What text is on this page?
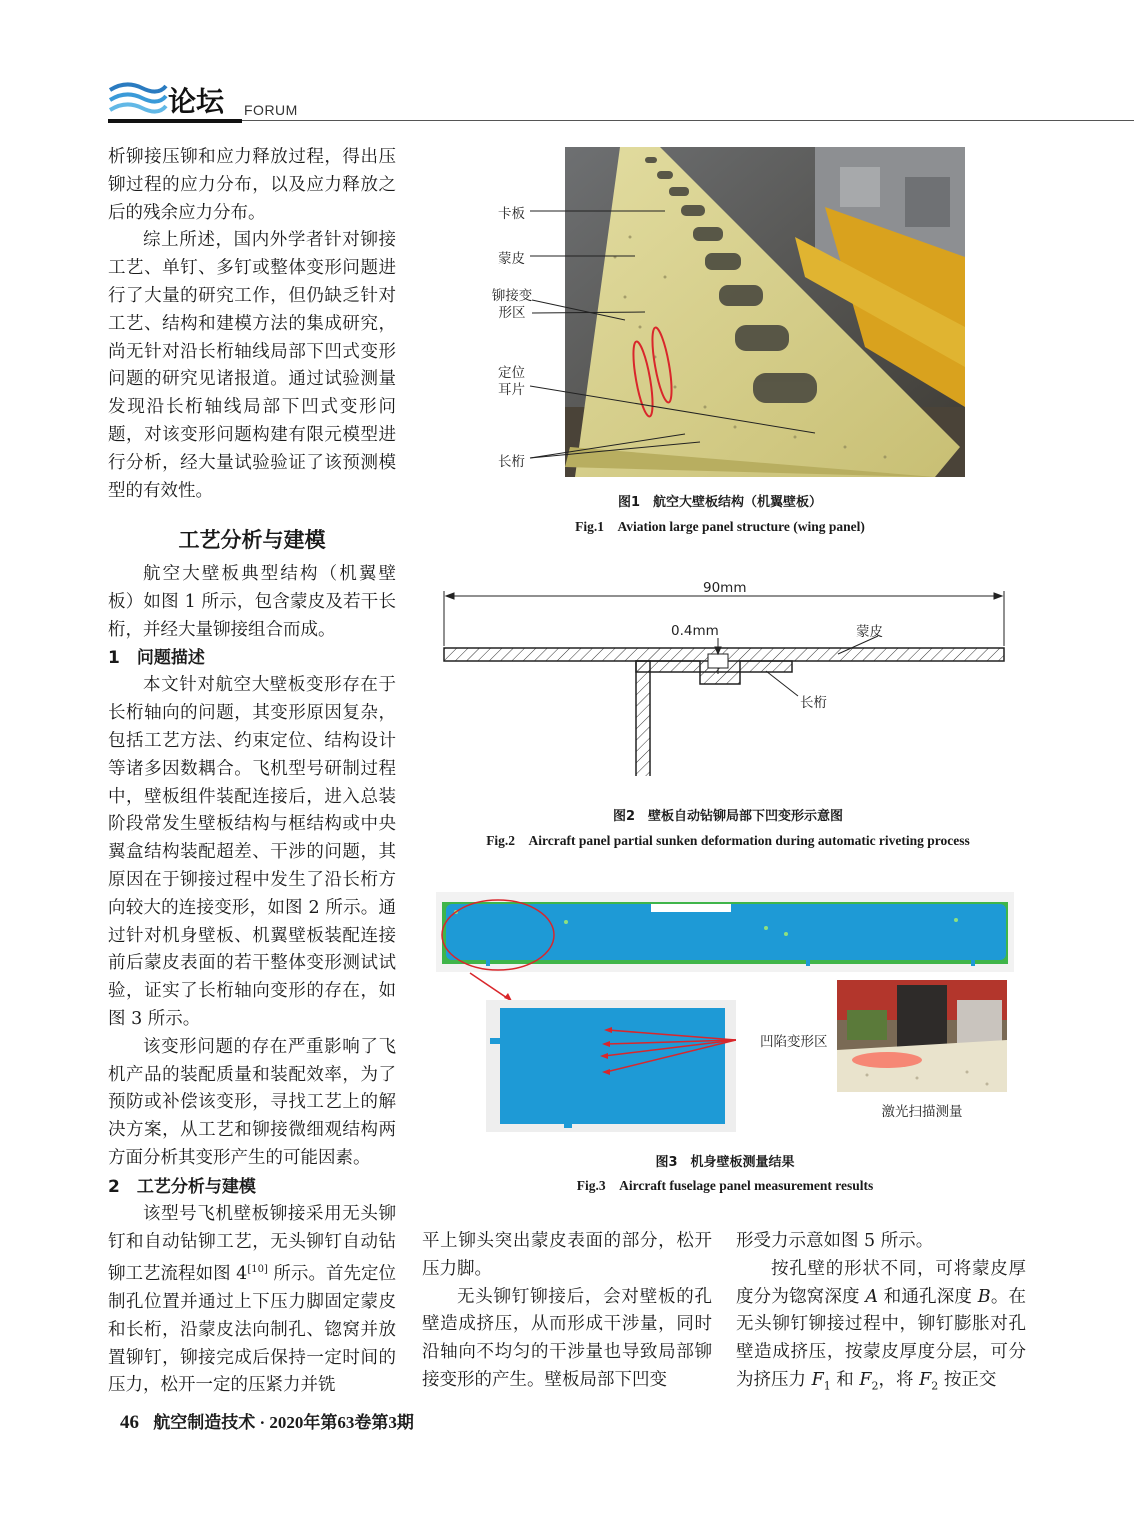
论坛 FORUM

析铆接压铆和应力释放过程，得出压铆过程的应力分布，以及应力释放之后的残余应力分布。

综上所述，国内外学者针对铆接工艺、单钉、多钉或整体变形问题进行了大量的研究工作，但仍缺乏针对工艺、结构和建模方法的集成研究，尚无针对沿长桁轴线局部下凹式变形问题的研究见诸报道。通过试验测量发现沿长桁轴线局部下凹式变形问题，对该变形问题构建有限元模型进行分析，经大量试验验证了该预测模型的有效性。

工艺分析与建模

航空大壁板典型结构（机翼壁板）如图 1 所示，包含蒙皮及若干长桁，并经大量铆接组合而成。

1　问题描述

本文针对航空大壁板变形存在于长桁轴向的问题，其变形原因复杂，包括工艺方法、约束定位、结构设计等诸多因数耦合。飞机型号研制过程中，壁板组件装配连接后，进入总装阶段常发生壁板结构与框结构或中央翼盒结构装配超差、干涉的问题，其原因在于铆接过程中发生了沿长桁方向较大的连接变形，如图 2 所示。通过针对机身壁板、机翼壁板装配连接前后蒙皮表面的若干整体变形测试试验，证实了长桁轴向变形的存在，如图 3 所示。

该变形问题的存在严重影响了飞机产品的装配质量和装配效率，为了预防或补偿该变形，寻找工艺上的解决方案，从工艺和铆接微细观结构两方面分析其变形产生的可能因素。

2　工艺分析与建模

该型号飞机壁板铆接采用无头铆钉和自动钻铆工艺，无头铆钉自动钻铆工艺流程如图 4[10] 所示。首先定位制孔位置并通过上下压力脚固定蒙皮和长桁，沿蒙皮法向制孔、锪窝并放置铆钉，铆接完成后保持一定时间的压力，松开一定的压紧力并铣

卡板
蒙皮
铆接变形区
定位耳片
长桁
图1　航空大壁板结构（机翼壁板）
Fig.1　Aviation large panel structure (wing panel)
90mm
0.4mm	蒙皮
长桁
图2　壁板自动钻铆局部下凹变形示意图
Fig.2　Aircraft panel partial sunken deformation during automatic riveting process
凹陷变形区
激光扫描测量
图3　机身壁板测量结果
Fig.3　Aircraft fuselage panel measurement results

平上铆头突出蒙皮表面的部分，松开压力脚。

无头铆钉铆接后，会对壁板的孔壁造成挤压，从而形成干涉量，同时沿轴向不均匀的干涉量也导致局部铆接变形的产生。壁板局部下凹变

形受力示意如图 5 所示。

按孔壁的形状不同，可将蒙皮厚度分为锪窝深度 A 和通孔深度 B。在无头铆钉铆接过程中，铆钉膨胀对孔壁造成挤压，按蒙皮厚度分层，可分为挤压力 $F_1$ 和 $F_2$，将 $F_2$ 按正交

46 航空制造技术 · 2020年第63卷第3期
